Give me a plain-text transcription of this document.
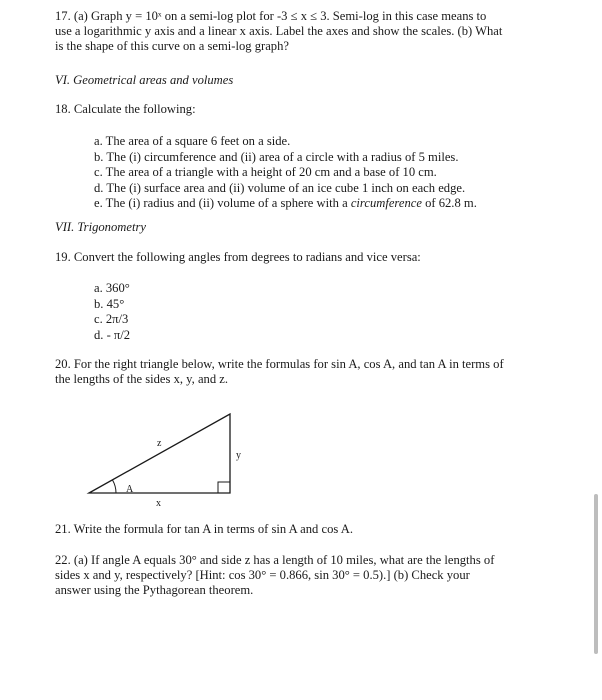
17. (a) Graph y = 10ˣ on a semi-log plot for -3 ≤ x ≤ 3. Semi-log in this case means to
use a logarithmic y axis and a linear x axis. Label the axes and show the scales. (b) What
is the shape of this curve on a semi-log graph?
VI. Geometrical areas and volumes
18. Calculate the following:
a. The area of a square 6 feet on a side.
b. The (i) circumference and (ii) area of a circle with a radius of 5 miles.
c. The area of a triangle with a height of 20 cm and a base of 10 cm.
d. The (i) surface area and (ii) volume of an ice cube 1 inch on each edge.
e. The (i) radius and (ii) volume of a sphere with a circumference of 62.8 m.
VII. Trigonometry
19. Convert the following angles from degrees to radians and vice versa:
a. 360°
b. 45°
c. 2π/3
d. - π/2
20. For the right triangle below, write the formulas for sin A, cos A, and tan A in terms of
the lengths of the sides x, y, and z.
z
y
A
x
21. Write the formula for tan A in terms of sin A and cos A.
22. (a) If angle A equals 30° and side z has a length of 10 miles, what are the lengths of
sides x and y, respectively? [Hint: cos 30° = 0.866, sin 30° = 0.5).] (b) Check your
answer using the Pythagorean theorem.
